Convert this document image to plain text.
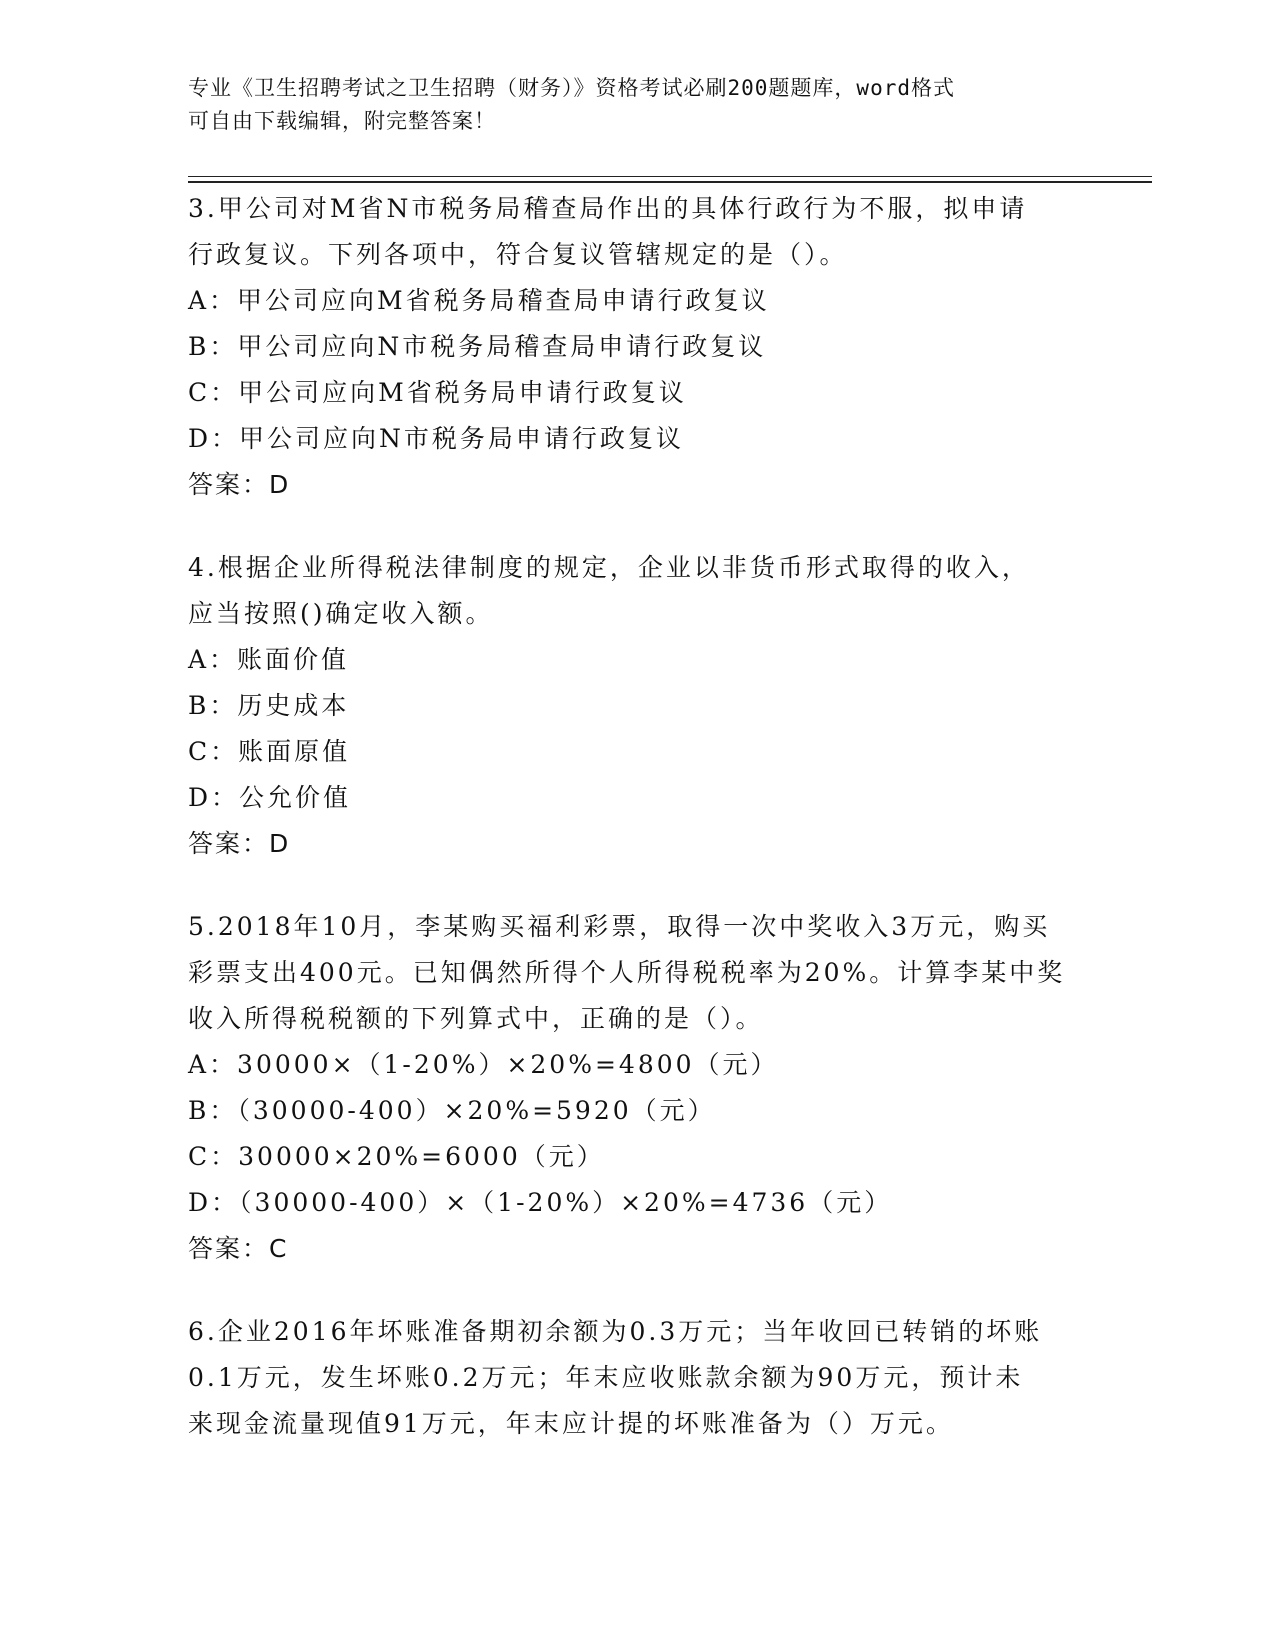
专业《卫生招聘考试之卫生招聘（财务）》资格考试必刷200题题库，word格式
可自由下载编辑，附完整答案！
3.甲公司对M省N市税务局稽查局作出的具体行政行为不服，拟申请
行政复议。下列各项中，符合复议管辖规定的是（）。
A：甲公司应向M省税务局稽查局申请行政复议
B：甲公司应向N市税务局稽查局申请行政复议
C：甲公司应向M省税务局申请行政复议
D：甲公司应向N市税务局申请行政复议
答案：D
4.根据企业所得税法律制度的规定，企业以非货币形式取得的收入，
应当按照()确定收入额。
A：账面价值
B：历史成本
C：账面原值
D：公允价值
答案：D
5.2018年10月，李某购买福利彩票，取得一次中奖收入3万元，购买
彩票支出400元。已知偶然所得个人所得税税率为20%。计算李某中奖
收入所得税税额的下列算式中，正确的是（）。
A：30000×（1-20%）×20%=4800（元）
B：（30000-400）×20%=5920（元）
C：30000×20%=6000（元）
D：（30000-400）×（1-20%）×20%=4736（元）
答案：C
6.企业2016年坏账准备期初余额为0.3万元；当年收回已转销的坏账
0.1万元，发生坏账0.2万元；年末应收账款余额为90万元，预计未
来现金流量现值91万元，年末应计提的坏账准备为（）万元。
